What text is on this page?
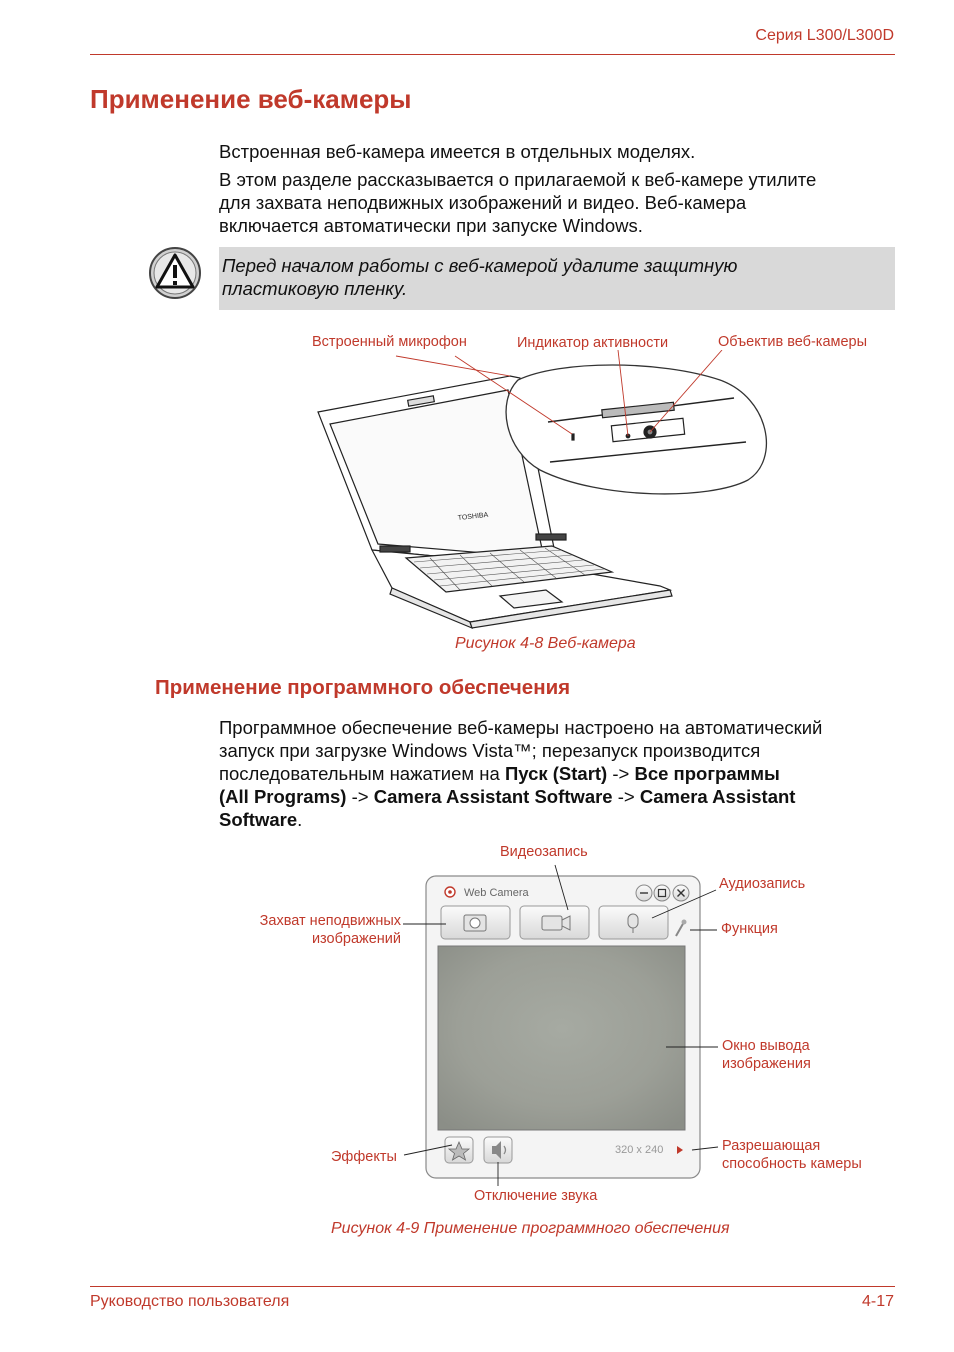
Серия L300/L300D
Применение веб-камеры
Встроенная веб-камера имеется в отдельных моделях.
В этом разделе рассказывается о прилагаемой к веб-камере утилите
для захвата неподвижных изображений и видео. Веб-камера
включается автоматически при запуске Windows.
Перед началом работы с веб-камерой удалите защитную
пластиковую пленку.
Встроенный микрофон	Индикатор активности	Объектив веб-камеры
TOSHIBA
Рисунок 4-8 Веб-камера
Применение программного обеспечения
Программное обеспечение веб-камеры настроено на автоматический
запуск при загрузке Windows Vista™; перезапуск производится
последовательным нажатием на Пуск (Start) -> Все программы
(All Programs) -> Camera Assistant Software -> Camera Assistant
Software.
Видеозапись
Аудиозапись
Захват неподвижных
изображений
Функция
Окно вывода
изображения
Эффекты
Разрешающая
способность камеры
Отключение звука
Web Camera
320 x 240
Рисунок 4-9 Применение программного обеспечения
Руководство пользователя	4-17
